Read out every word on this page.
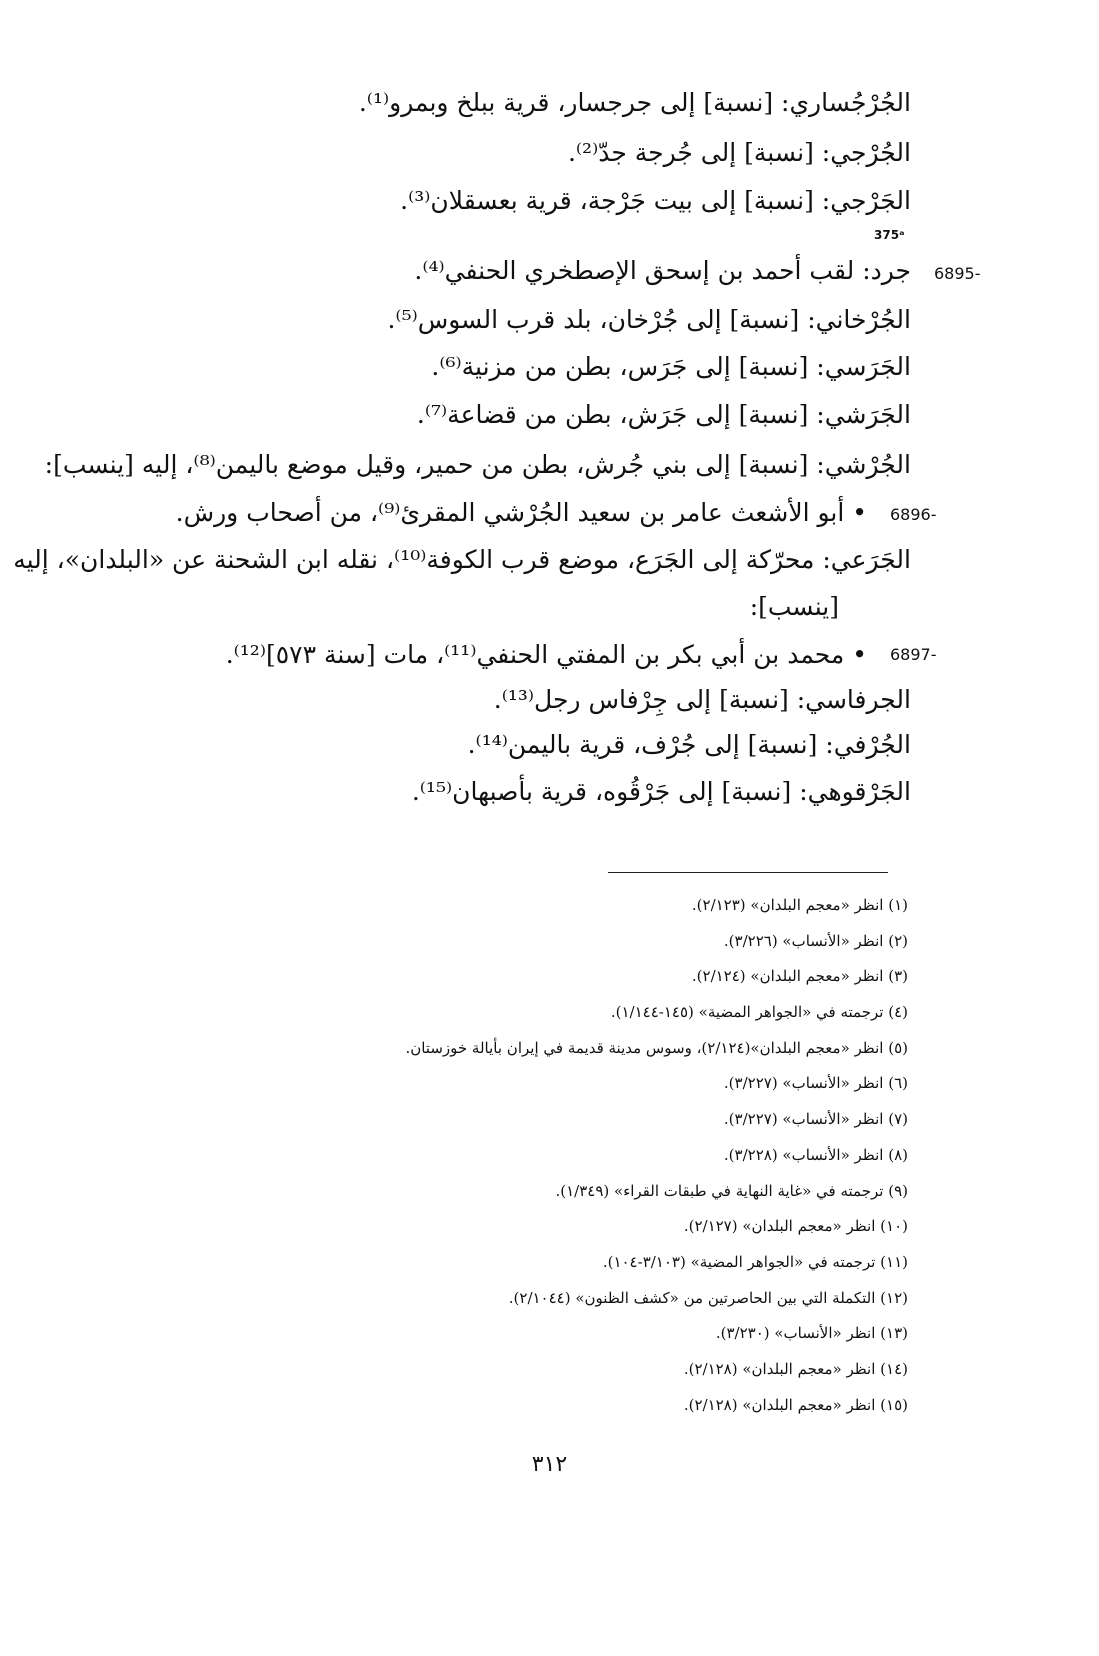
375ᵃ
الجُرْجُساري: [نسبة] إلى جرجسار، قرية ببلخ وبمرو⁽¹⁾.
الجُرْجي: [نسبة] إلى جُرجة جدّ⁽²⁾.
الجَرْجي: [نسبة] إلى بيت جَرْجة، قرية بعسقلان⁽³⁾.
جرد: لقب أحمد بن إسحق الإصطخري الحنفي⁽⁴⁾.
الجُرْخاني: [نسبة] إلى جُرْخان، بلد قرب السوس⁽⁵⁾.
الجَرَسي: [نسبة] إلى جَرَس، بطن من مزنية⁽⁶⁾.
الجَرَشي: [نسبة] إلى جَرَش، بطن من قضاعة⁽⁷⁾.
الجُرْشي: [نسبة] إلى بني جُرش، بطن من حمير، وقيل موضع باليمن⁽⁸⁾، إليه [ينسب]:
• أبو الأشعث عامر بن سعيد الجُرْشي المقرئ⁽⁹⁾، من أصحاب ورش.
الجَرَعي: محرّكة إلى الجَرَع، موضع قرب الكوفة⁽¹⁰⁾، نقله ابن الشحنة عن «البلدان»، إليه
[ينسب]:
• محمد بن أبي بكر بن المفتي الحنفي⁽¹¹⁾، مات [سنة ٥٧٣]⁽¹²⁾.
الجرفاسي: [نسبة] إلى جِرْفاس رجل⁽¹³⁾.
الجُرْفي: [نسبة] إلى جُرْف، قرية باليمن⁽¹⁴⁾.
الجَرْقوهي: [نسبة] إلى جَرْقُوه، قرية بأصبهان⁽¹⁵⁾.
6895-
6896-
6897-
(١) انظر «معجم البلدان» (٢/١٢٣).
(٢) انظر «الأنساب» (٣/٢٢٦).
(٣) انظر «معجم البلدان» (٢/١٢٤).
(٤) ترجمته في «الجواهر المضية» (١٤٥-١/١٤٤).
(٥) انظر «معجم البلدان»(٢/١٢٤)، وسوس مدينة قديمة في إيران بأيالة خوزستان.
(٦) انظر «الأنساب» (٣/٢٢٧).
(٧) انظر «الأنساب» (٣/٢٢٧).
(٨) انظر «الأنساب» (٣/٢٢٨).
(٩) ترجمته في «غاية النهاية في طبقات القراء» (١/٣٤٩).
(١٠) انظر «معجم البلدان» (٢/١٢٧).
(١١) ترجمته في «الجواهر المضية» (٣/١٠٣-١٠٤).
(١٢) التكملة التي بين الحاصرتين من «كشف الظنون» (٢/١٠٤٤).
(١٣) انظر «الأنساب» (٣/٢٣٠).
(١٤) انظر «معجم البلدان» (٢/١٢٨).
(١٥) انظر «معجم البلدان» (٢/١٢٨).
٣١٢
